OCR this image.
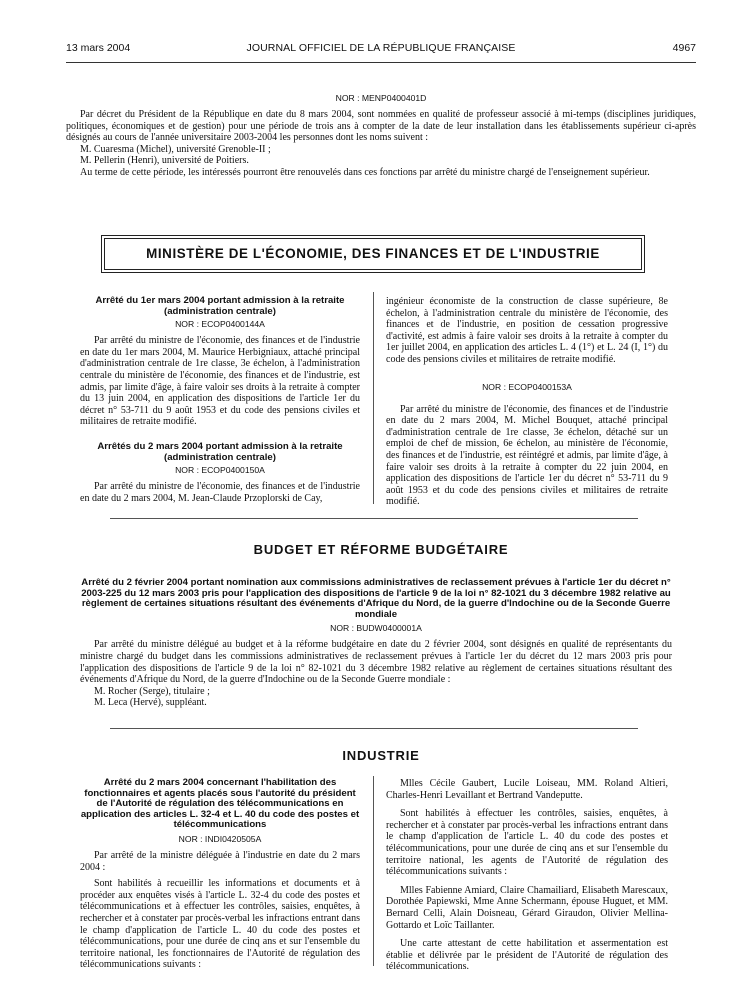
13 mars 2004	JOURNAL OFFICIEL DE LA RÉPUBLIQUE FRANÇAISE	4967
NOR : MENP0400401D

Par décret du Président de la République en date du 8 mars 2004, sont nommées en qualité de professeur associé à mi-temps (disciplines juridiques, politiques, économiques et de gestion) pour une période de trois ans à compter de la date de leur installation dans les établissements supérieur ci-après désignés au cours de l'année universitaire 2003-2004 les personnes dont les noms suivent :

M. Cuaresma (Michel), université Grenoble-II ;

M. Pellerin (Henri), université de Poitiers.

Au terme de cette période, les intéressés pourront être renouvelés dans ces fonctions par arrêté du ministre chargé de l'enseignement supérieur.

MINISTÈRE DE L'ÉCONOMIE, DES FINANCES ET DE L'INDUSTRIE

Arrêté du 1er mars 2004 portant admission à la retraite (administration centrale)

NOR : ECOP0400144A

Par arrêté du ministre de l'économie, des finances et de l'industrie en date du 1er mars 2004, M. Maurice Herbigniaux, attaché principal d'administration centrale de 1re classe, 3e échelon, à l'administration centrale du ministère de l'économie, des finances et de l'industrie, est admis, par limite d'âge, à faire valoir ses droits à la retraite à compter du 13 juin 2004, en application des dispositions de l'article 1er du décret n° 53-711 du 9 août 1953 et du code des pensions civiles et militaires de retraite modifié.

Arrêtés du 2 mars 2004 portant admission à la retraite (administration centrale)

NOR : ECOP0400150A

Par arrêté du ministre de l'économie, des finances et de l'industrie en date du 2 mars 2004, M. Jean-Claude Przoplorski de Cay,

ingénieur économiste de la construction de classe supérieure, 8e échelon, à l'administration centrale du ministère de l'économie, des finances et de l'industrie, en position de cessation progressive d'activité, est admis à faire valoir ses droits à la retraite à compter du 1er juillet 2004, en application des articles L. 4 (1°) et L. 24 (I, 1°) du code des pensions civiles et militaires de retraite modifié.

NOR : ECOP0400153A

Par arrêté du ministre de l'économie, des finances et de l'industrie en date du 2 mars 2004, M. Michel Bouquet, attaché principal d'administration centrale de 1re classe, 3e échelon, détaché sur un emploi de chef de mission, 6e échelon, au ministère de l'économie, des finances et de l'industrie, est réintégré et admis, par limite d'âge, à faire valoir ses droits à la retraite à compter du 22 juin 2004, en application des dispositions de l'article 1er du décret n° 53-711 du 9 août 1953 et du code des pensions civiles et militaires de retraite modifié.

BUDGET ET RÉFORME BUDGÉTAIRE

Arrêté du 2 février 2004 portant nomination aux commissions administratives de reclassement prévues à l'article 1er du décret n° 2003-225 du 12 mars 2003 pris pour l'application des dispositions de l'article 9 de la loi n° 82-1021 du 3 décembre 1982 relative au règlement de certaines situations résultant des événements d'Afrique du Nord, de la guerre d'Indochine ou de la Seconde Guerre mondiale

NOR : BUDW0400001A

Par arrêté du ministre délégué au budget et à la réforme budgétaire en date du 2 février 2004, sont désignés en qualité de représentants du ministre chargé du budget dans les commissions administratives de reclassement prévues à l'article 1er du décret du 12 mars 2003 pris pour l'application des dispositions de l'article 9 de la loi n° 82-1021 du 3 décembre 1982 relative au règlement de certaines situations résultant des événements d'Afrique du Nord, de la guerre d'Indochine ou de la Seconde Guerre mondiale :

M. Rocher (Serge), titulaire ;

M. Leca (Hervé), suppléant.

INDUSTRIE

Arrêté du 2 mars 2004 concernant l'habilitation des fonctionnaires et agents placés sous l'autorité du président de l'Autorité de régulation des télécommunications en application des articles L. 32-4 et L. 40 du code des postes et télécommunications

NOR : INDI0420505A

Par arrêté de la ministre déléguée à l'industrie en date du 2 mars 2004 :

Sont habilités à recueillir les informations et documents et à procéder aux enquêtes visés à l'article L. 32-4 du code des postes et télécommunications et à effectuer les contrôles, saisies, enquêtes, à rechercher et à constater par procès-verbal les infractions entrant dans le champ d'application de l'article L. 40 du code des postes et télécommunications, pour une durée de cinq ans et sur l'ensemble du territoire national, les fonctionnaires de l'Autorité de régulation des télécommunications suivants :

Mlles Cécile Gaubert, Lucile Loiseau, MM. Roland Altieri, Charles-Henri Levaillant et Bertrand Vandeputte.

Sont habilités à effectuer les contrôles, saisies, enquêtes, à rechercher et à constater par procès-verbal les infractions entrant dans le champ d'application de l'article L. 40 du code des postes et télécommunications, pour une durée de cinq ans et sur l'ensemble du territoire national, les agents de l'Autorité de régulation des télécommunications suivants :

Mlles Fabienne Amiard, Claire Chamailiard, Elisabeth Marescaux, Dorothée Papiewski, Mme Anne Schermann, épouse Huguet, et MM. Bernard Celli, Alain Doisneau, Gérard Giraudon, Olivier Mellina-Gottardo et Loïc Taillanter.

Une carte attestant de cette habilitation et assermentation est établie et délivrée par le président de l'Autorité de régulation des télécommunications.
